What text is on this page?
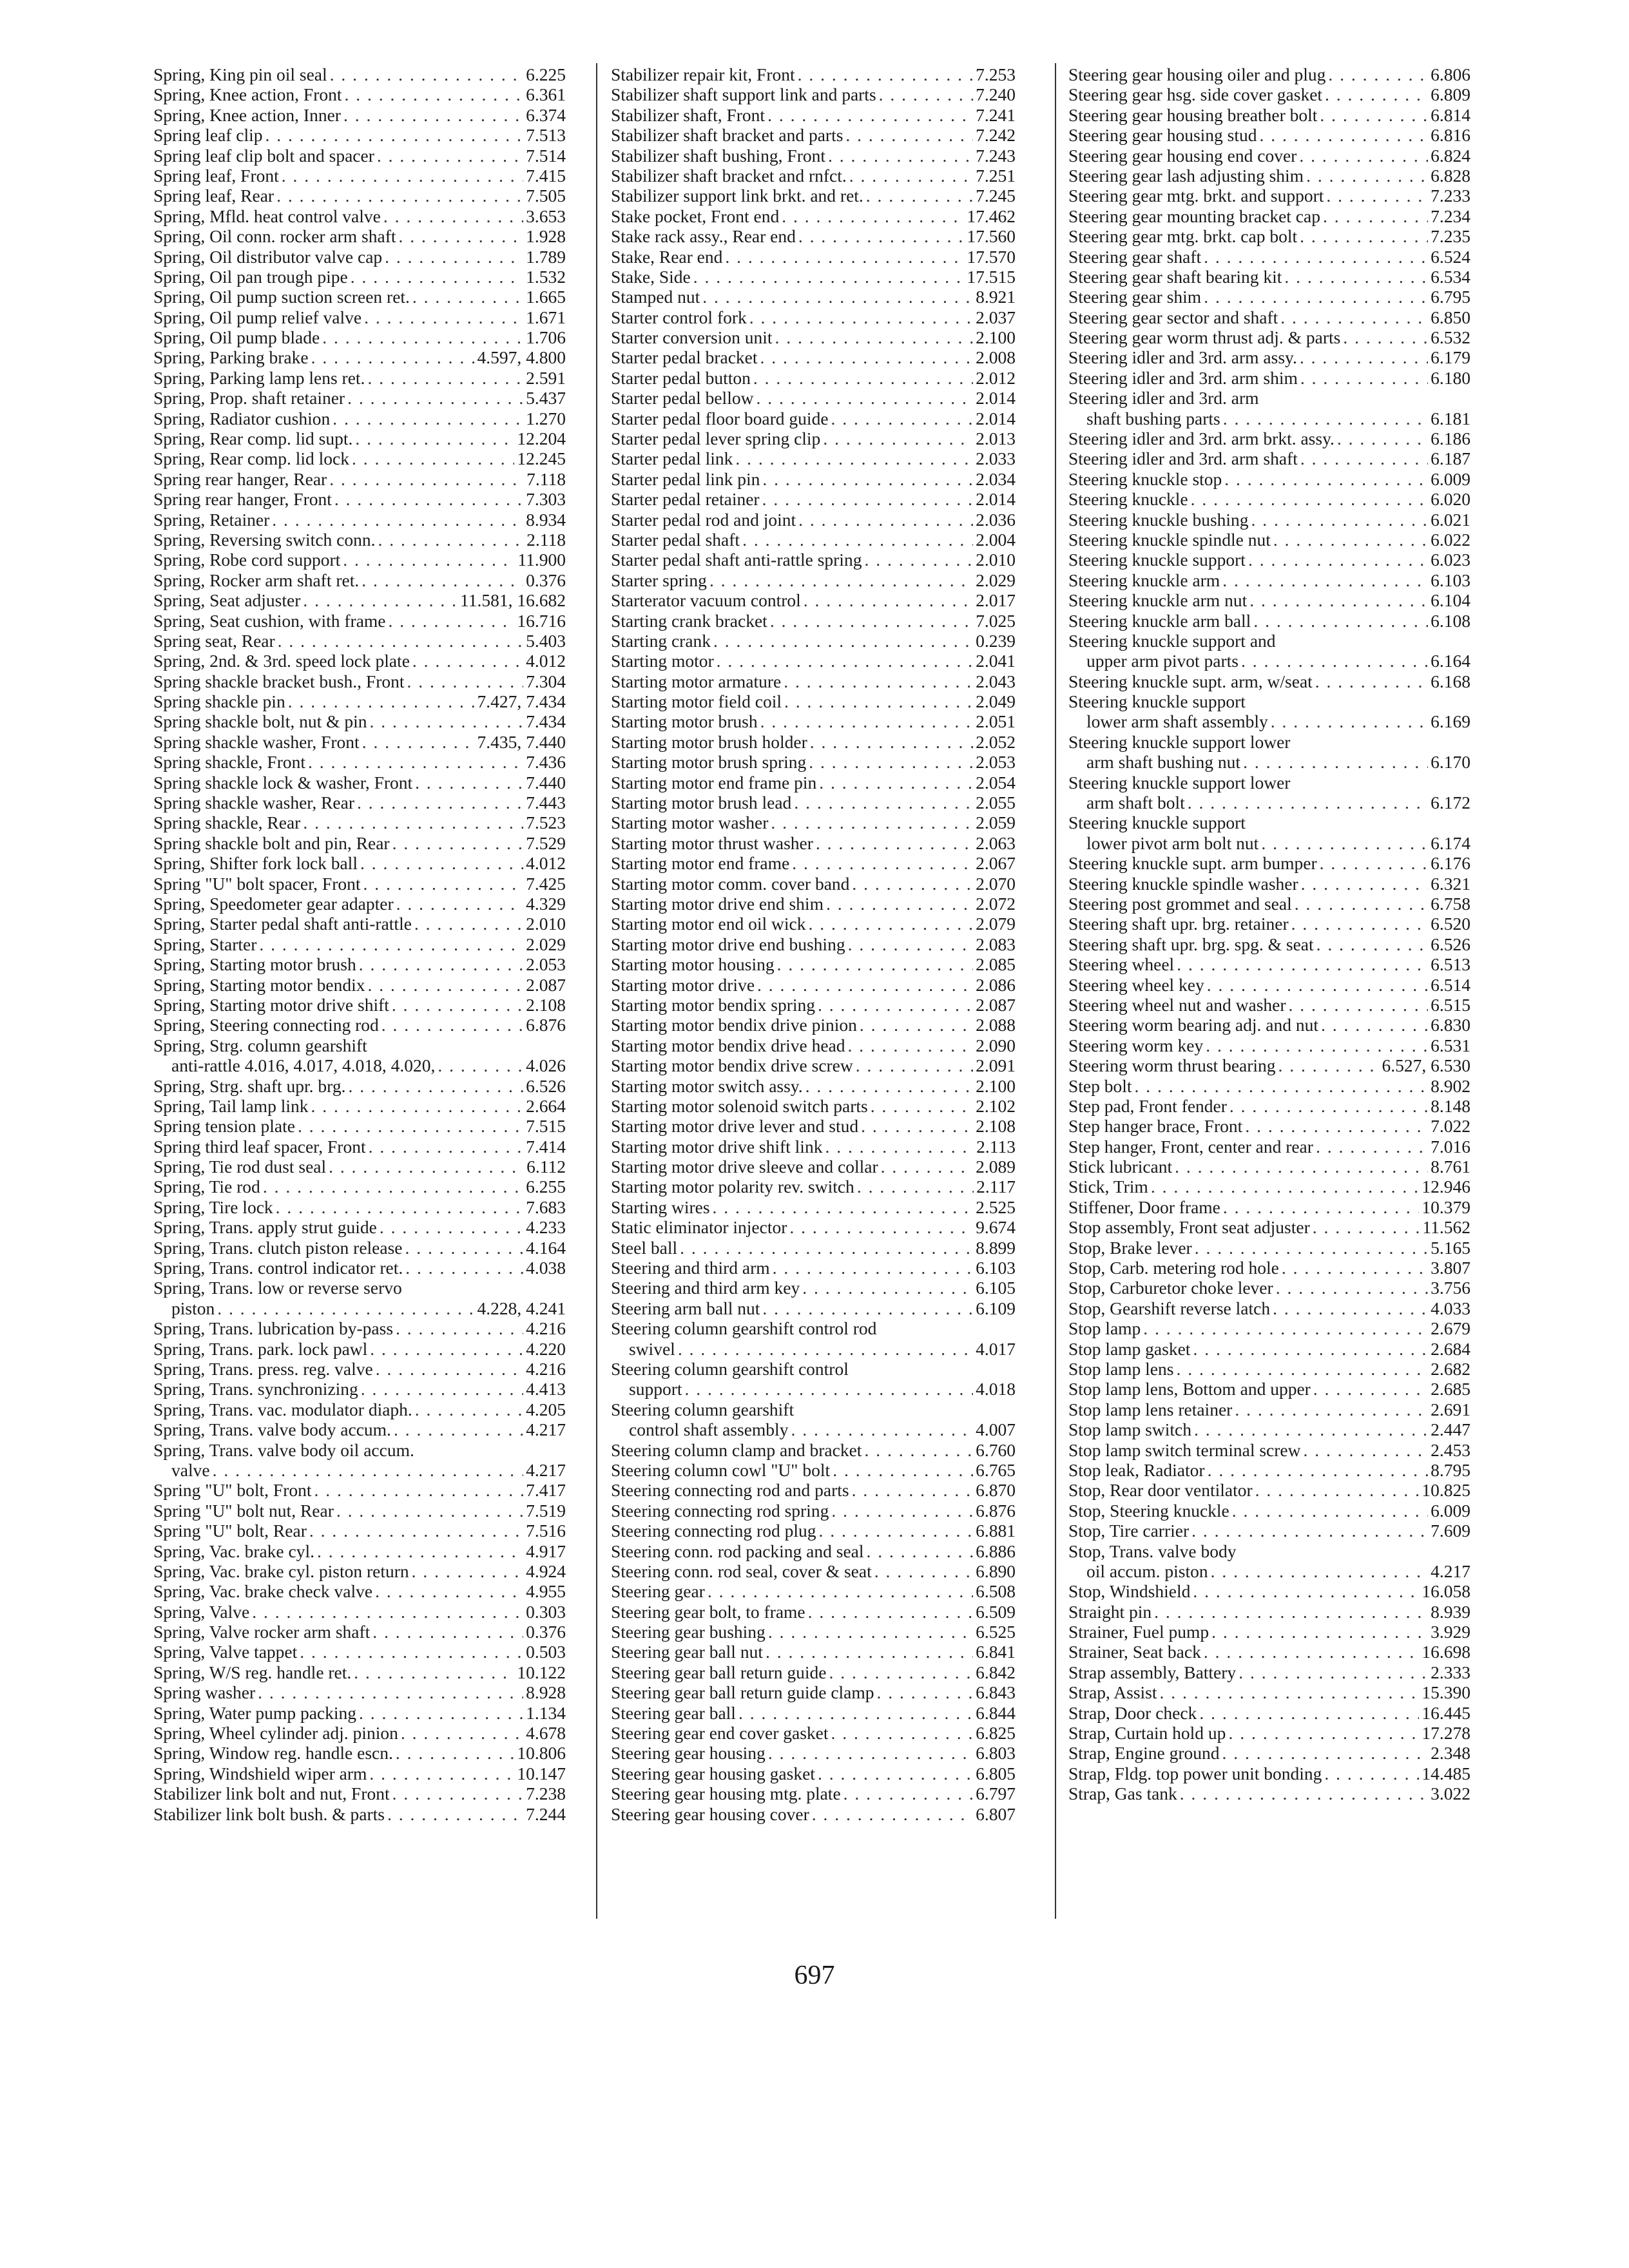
Spring, King pin oil seal . . .	6.225
Spring, Knee action, Front . . .	6.361
Spring, Knee action, Inner . . .	6.374
Spring leaf clip . . .	7.513
Spring leaf clip bolt and spacer . . .	7.514
Spring leaf, Front . . .	7.415
Spring leaf, Rear . . .	7.505
Spring, Mfld. heat control valve . . .	3.653
Spring, Oil conn. rocker arm shaft . . .	1.928
Spring, Oil distributor valve cap . . .	1.789
Spring, Oil pan trough pipe . . .	1.532
Spring, Oil pump suction screen ret. . . .	1.665
Spring, Oil pump relief valve . . .	1.671
Spring, Oil pump blade . . .	1.706
Spring, Parking brake . . .	4.597, 4.800
Spring, Parking lamp lens ret. . . .	2.591
Spring, Prop. shaft retainer . . .	5.437
Spring, Radiator cushion . . .	1.270
Spring, Rear comp. lid supt. . . .	12.204
Spring, Rear comp. lid lock . . .	12.245
Spring rear hanger, Rear . . .	7.118
Spring rear hanger, Front . . .	7.303
Spring, Retainer . . .	8.934
Spring, Reversing switch conn. . . .	2.118
Spring, Robe cord support . . .	11.900
Spring, Rocker arm shaft ret. . . .	0.376
Spring, Seat adjuster . . .	11.581, 16.682
Spring, Seat cushion, with frame . . .	16.716
Spring seat, Rear . . .	5.403
Spring, 2nd. & 3rd. speed lock plate . . .	4.012
Spring shackle bracket bush., Front . . .	7.304
Spring shackle pin . . .	7.427, 7.434
Spring shackle bolt, nut & pin . . .	7.434
Spring shackle washer, Front . . .	7.435, 7.440
Spring shackle, Front . . .	7.436
Spring shackle lock & washer, Front . . .	7.440
Spring shackle washer, Rear . . .	7.443
Spring shackle, Rear . . .	7.523
Spring shackle bolt and pin, Rear . . .	7.529
Spring, Shifter fork lock ball . . .	4.012
Spring "U" bolt spacer, Front . . .	7.425
Spring, Speedometer gear adapter . . .	4.329
Spring, Starter pedal shaft anti-rattle . . .	2.010
Spring, Starter . . .	2.029
Spring, Starting motor brush . . .	2.053
Spring, Starting motor bendix . . .	2.087
Spring, Starting motor drive shift . . .	2.108
Spring, Steering connecting rod . . .	6.876
Spring, Strg. column gearshift
anti-rattle 4.016, 4.017, 4.018, 4.020, . . .	4.026
Spring, Strg. shaft upr. brg. . . .	6.526
Spring, Tail lamp link . . .	2.664
Spring tension plate . . .	7.515
Spring third leaf spacer, Front . . .	7.414
Spring, Tie rod dust seal . . .	6.112
Spring, Tie rod . . .	6.255
Spring, Tire lock . . .	7.683
Spring, Trans. apply strut guide . . .	4.233
Spring, Trans. clutch piston release . . .	4.164
Spring, Trans. control indicator ret. . . .	4.038
Spring, Trans. low or reverse servo
piston . . .	4.228, 4.241
Spring, Trans. lubrication by-pass . . .	4.216
Spring, Trans. park. lock pawl . . .	4.220
Spring, Trans. press. reg. valve . . .	4.216
Spring, Trans. synchronizing . . .	4.413
Spring, Trans. vac. modulator diaph. . . .	4.205
Spring, Trans. valve body accum. . . .	4.217
Spring, Trans. valve body oil accum.
valve . . .	4.217
Spring "U" bolt, Front . . .	7.417
Spring "U" bolt nut, Rear . . .	7.519
Spring "U" bolt, Rear . . .	7.516
Spring, Vac. brake cyl. . . .	4.917
Spring, Vac. brake cyl. piston return . . .	4.924
Spring, Vac. brake check valve . . .	4.955
Spring, Valve . . .	0.303
Spring, Valve rocker arm shaft . . .	0.376
Spring, Valve tappet . . .	0.503
Spring, W/S reg. handle ret. . . .	10.122
Spring washer . . .	8.928
Spring, Water pump packing . . .	1.134
Spring, Wheel cylinder adj. pinion . . .	4.678
Spring, Window reg. handle escn. . . .	10.806
Spring, Windshield wiper arm . . .	10.147
Stabilizer link bolt and nut, Front . . .	7.238
Stabilizer link bolt bush. & parts . . .	7.244
Stabilizer repair kit, Front . . .	7.253
Stabilizer shaft support link and parts . . .	7.240
Stabilizer shaft, Front . . .	7.241
Stabilizer shaft bracket and parts . . .	7.242
Stabilizer shaft bushing, Front . . .	7.243
Stabilizer shaft bracket and rnfct. . . .	7.251
Stabilizer support link brkt. and ret. . . .	7.245
Stake pocket, Front end . . .	17.462
Stake rack assy., Rear end . . .	17.560
Stake, Rear end . . .	17.570
Stake, Side . . .	17.515
Stamped nut . . .	8.921
Starter control fork . . .	2.037
Starter conversion unit . . .	2.100
Starter pedal bracket . . .	2.008
Starter pedal button . . .	2.012
Starter pedal bellow . . .	2.014
Starter pedal floor board guide . . .	2.014
Starter pedal lever spring clip . . .	2.013
Starter pedal link . . .	2.033
Starter pedal link pin . . .	2.034
Starter pedal retainer . . .	2.014
Starter pedal rod and joint . . .	2.036
Starter pedal shaft . . .	2.004
Starter pedal shaft anti-rattle spring . . .	2.010
Starter spring . . .	2.029
Starterator vacuum control . . .	2.017
Starting crank bracket . . .	7.025
Starting crank . . .	0.239
Starting motor . . .	2.041
Starting motor armature . . .	2.043
Starting motor field coil . . .	2.049
Starting motor brush . . .	2.051
Starting motor brush holder . . .	2.052
Starting motor brush spring . . .	2.053
Starting motor end frame pin . . .	2.054
Starting motor brush lead . . .	2.055
Starting motor washer . . .	2.059
Starting motor thrust washer . . .	2.063
Starting motor end frame . . .	2.067
Starting motor comm. cover band . . .	2.070
Starting motor drive end shim . . .	2.072
Starting motor end oil wick . . .	2.079
Starting motor drive end bushing . . .	2.083
Starting motor housing . . .	2.085
Starting motor drive . . .	2.086
Starting motor bendix spring . . .	2.087
Starting motor bendix drive pinion . . .	2.088
Starting motor bendix drive head . . .	2.090
Starting motor bendix drive screw . . .	2.091
Starting motor switch assy. . . .	2.100
Starting motor solenoid switch parts . . .	2.102
Starting motor drive lever and stud . . .	2.108
Starting motor drive shift link . . .	2.113
Starting motor drive sleeve and collar . . .	2.089
Starting motor polarity rev. switch . . .	2.117
Starting wires . . .	2.525
Static eliminator injector . . .	9.674
Steel ball . . .	8.899
Steering and third arm . . .	6.103
Steering and third arm key . . .	6.105
Steering arm ball nut . . .	6.109
Steering column gearshift control rod
swivel . . .	4.017
Steering column gearshift control
support . . .	4.018
Steering column gearshift
control shaft assembly . . .	4.007
Steering column clamp and bracket . . .	6.760
Steering column cowl "U" bolt . . .	6.765
Steering connecting rod and parts . . .	6.870
Steering connecting rod spring . . .	6.876
Steering connecting rod plug . . .	6.881
Steering conn. rod packing and seal . . .	6.886
Steering conn. rod seal, cover & seat . . .	6.890
Steering gear . . .	6.508
Steering gear bolt, to frame . . .	6.509
Steering gear bushing . . .	6.525
Steering gear ball nut . . .	6.841
Steering gear ball return guide . . .	6.842
Steering gear ball return guide clamp . . .	6.843
Steering gear ball . . .	6.844
Steering gear end cover gasket . . .	6.825
Steering gear housing . . .	6.803
Steering gear housing gasket . . .	6.805
Steering gear housing mtg. plate . . .	6.797
Steering gear housing cover . . .	6.807
Steering gear housing oiler and plug . . .	6.806
Steering gear hsg. side cover gasket . . .	6.809
Steering gear housing breather bolt . . .	6.814
Steering gear housing stud . . .	6.816
Steering gear housing end cover . . .	6.824
Steering gear lash adjusting shim . . .	6.828
Steering gear mtg. brkt. and support . . .	7.233
Steering gear mounting bracket cap . . .	7.234
Steering gear mtg. brkt. cap bolt . . .	7.235
Steering gear shaft . . .	6.524
Steering gear shaft bearing kit . . .	6.534
Steering gear shim . . .	6.795
Steering gear sector and shaft . . .	6.850
Steering gear worm thrust adj. & parts . . .	6.532
Steering idler and 3rd. arm assy. . . .	6.179
Steering idler and 3rd. arm shim . . .	6.180
Steering idler and 3rd. arm
shaft bushing parts . . .	6.181
Steering idler and 3rd. arm brkt. assy. . . .	6.186
Steering idler and 3rd. arm shaft . . .	6.187
Steering knuckle stop . . .	6.009
Steering knuckle . . .	6.020
Steering knuckle bushing . . .	6.021
Steering knuckle spindle nut . . .	6.022
Steering knuckle support . . .	6.023
Steering knuckle arm . . .	6.103
Steering knuckle arm nut . . .	6.104
Steering knuckle arm ball . . .	6.108
Steering knuckle support and
upper arm pivot parts . . .	6.164
Steering knuckle supt. arm, w/seat . . .	6.168
Steering knuckle support
lower arm shaft assembly . . .	6.169
Steering knuckle support lower
arm shaft bushing nut . . .	6.170
Steering knuckle support lower
arm shaft bolt . . .	6.172
Steering knuckle support
lower pivot arm bolt nut . . .	6.174
Steering knuckle supt. arm bumper . . .	6.176
Steering knuckle spindle washer . . .	6.321
Steering post grommet and seal . . .	6.758
Steering shaft upr. brg. retainer . . .	6.520
Steering shaft upr. brg. spg. & seat . . .	6.526
Steering wheel . . .	6.513
Steering wheel key . . .	6.514
Steering wheel nut and washer . . .	6.515
Steering worm bearing adj. and nut . . .	6.830
Steering worm key . . .	6.531
Steering worm thrust bearing . . .	6.527, 6.530
Step bolt . . .	8.902
Step pad, Front fender . . .	8.148
Step hanger brace, Front . . .	7.022
Step hanger, Front, center and rear . . .	7.016
Stick lubricant . . .	8.761
Stick, Trim . . .	12.946
Stiffener, Door frame . . .	10.379
Stop assembly, Front seat adjuster . . .	11.562
Stop, Brake lever . . .	5.165
Stop, Carb. metering rod hole . . .	3.807
Stop, Carburetor choke lever . . .	3.756
Stop, Gearshift reverse latch . . .	4.033
Stop lamp . . .	2.679
Stop lamp gasket . . .	2.684
Stop lamp lens . . .	2.682
Stop lamp lens, Bottom and upper . . .	2.685
Stop lamp lens retainer . . .	2.691
Stop lamp switch . . .	2.447
Stop lamp switch terminal screw . . .	2.453
Stop leak, Radiator . . .	8.795
Stop, Rear door ventilator . . .	10.825
Stop, Steering knuckle . . .	6.009
Stop, Tire carrier . . .	7.609
Stop, Trans. valve body
oil accum. piston . . .	4.217
Stop, Windshield . . .	16.058
Straight pin . . .	8.939
Strainer, Fuel pump . . .	3.929
Strainer, Seat back . . .	16.698
Strap assembly, Battery . . .	2.333
Strap, Assist . . .	15.390
Strap, Door check . . .	16.445
Strap, Curtain hold up . . .	17.278
Strap, Engine ground . . .	2.348
Strap, Fldg. top power unit bonding . . .	14.485
Strap, Gas tank . . .	3.022
697
